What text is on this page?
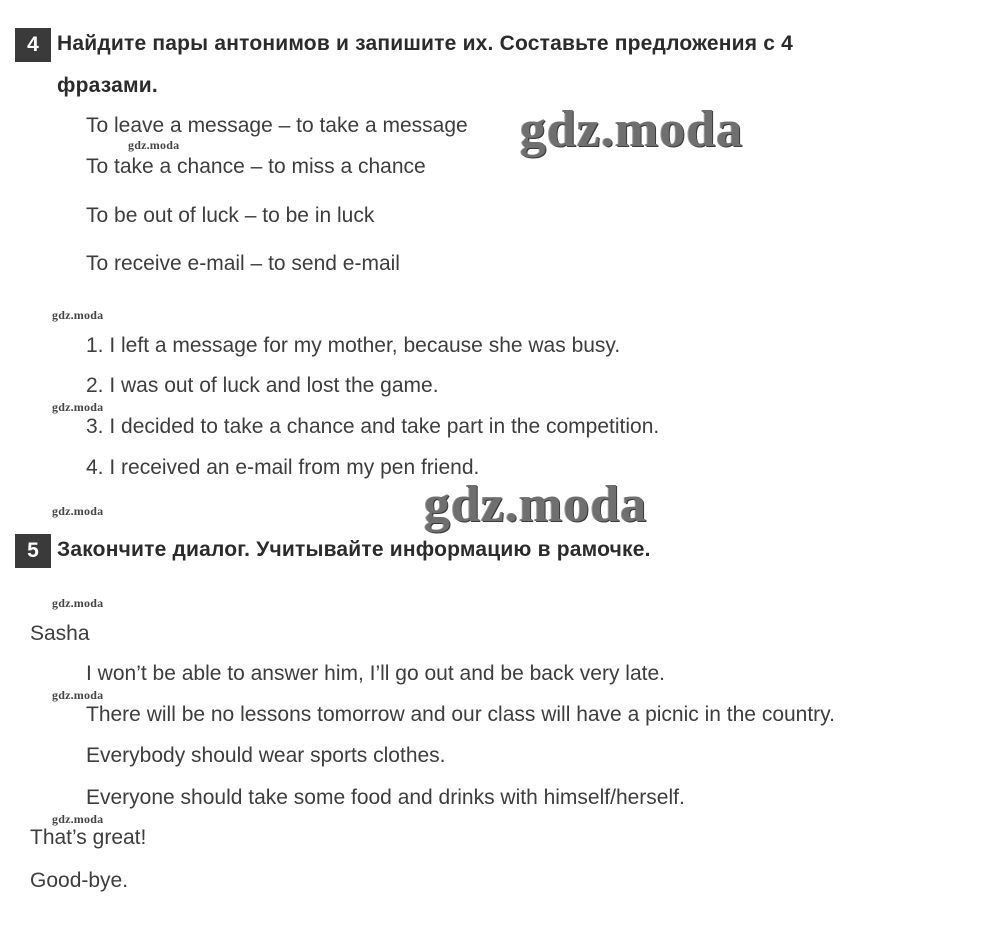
4 Найдите пары антонимов и запишите их. Составьте предложения с 4
фразами.
To leave a message – to take a message
To take a chance – to miss a chance
To be out of luck – to be in luck
To receive e-mail – to send e-mail
1. I left a message for my mother, because she was busy.
2. I was out of luck and lost the game.
3. I decided to take a chance and take part in the competition.
4. I received an e-mail from my pen friend.
5 Закончите диалог. Учитывайте информацию в рамочке.
Sasha
I won’t be able to answer him, I’ll go out and be back very late.
There will be no lessons tomorrow and our class will have a picnic in the country.
Everybody should wear sports clothes.
Everyone should take some food and drinks with himself/herself.
That’s great!
Good-bye.
gdz.moda
gdz.moda
gdz.moda
gdz.moda
gdz.moda
gdz.moda
gdz.moda
gdz.moda
gdz.moda
